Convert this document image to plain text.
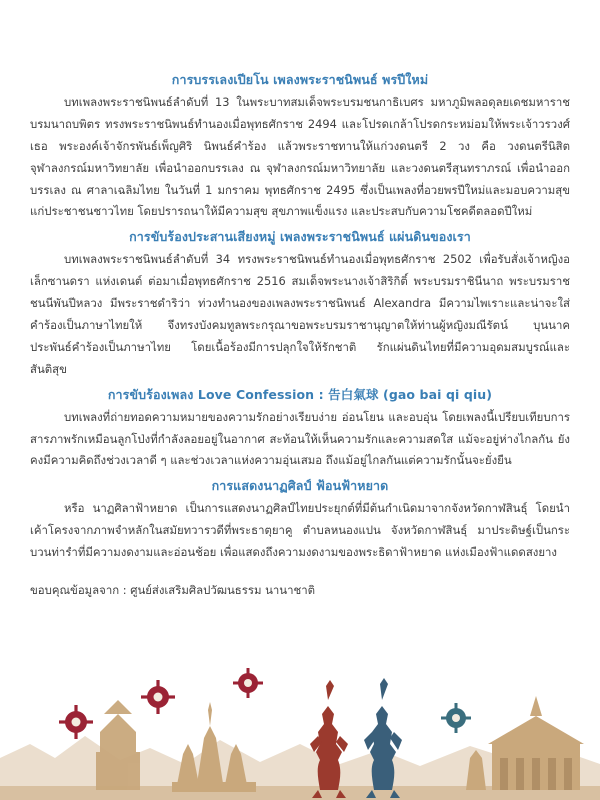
การบรรเลงเปียโน เพลงพระราชนิพนธ์ พรปีใหม่

บทเพลงพระราชนิพนธ์ลำดับที่ 13 ในพระบาทสมเด็จพระบรมชนกาธิเบศร มหาภูมิพลอดุลยเดชมหาราช บรมนาถบพิตร ทรงพระราชนิพนธ์ทำนองเมื่อพุทธศักราช 2494 และโปรดเกล้าโปรดกระหม่อมให้พระเจ้าวรวงศ์เธอ พระองค์เจ้าจักรพันธ์เพ็ญศิริ นิพนธ์คำร้อง แล้วพระราชทานให้แก่วงดนตรี 2 วง คือ วงดนตรีนิสิตจุฬาลงกรณ์มหาวิทยาลัย เพื่อนำออกบรรเลง ณ จุฬาลงกรณ์มหาวิทยาลัย และวงดนตรีสุนทราภรณ์ เพื่อนำออกบรรเลง ณ ศาลาเฉลิมไทย ในวันที่ 1 มกราคม พุทธศักราช 2495 ซึ่งเป็นเพลงที่อวยพรปีใหม่และมอบความสุขแก่ประชาชนชาวไทย โดยปรารถนาให้มีความสุข สุขภาพแข็งแรง และประสบกับความโชคดีตลอดปีใหม่

การขับร้องประสานเสียงหมู่ เพลงพระราชนิพนธ์ แผ่นดินของเรา

บทเพลงพระราชนิพนธ์ลำดับที่ 34 ทรงพระราชนิพนธ์ทำนองเมื่อพุทธศักราช 2502 เพื่อรับสั่งเจ้าหญิงอเล็กซานดรา แห่งเดนต์ ต่อมาเมื่อพุทธศักราช 2516 สมเด็จพระนางเจ้าสิริกิติ์ พระบรมราชินีนาถ พระบรมราชชนนีพันปีหลวง มีพระราชดำริว่า ท่วงทำนองของเพลงพระราชนิพนธ์ Alexandra มีความไพเราะและน่าจะใส่คำร้องเป็นภาษาไทยให้ จึงทรงบังคมทูลพระกรุณาขอพระบรมราชานุญาตให้ท่านผู้หญิงมณีรัตน์ บุนนาค ประพันธ์คำร้องเป็นภาษาไทย โดยเนื้อร้องมีการปลุกใจให้รักชาติ รักแผ่นดินไทยที่มีความอุดมสมบูรณ์และสันติสุข

การขับร้องเพลง Love Confession : 告白氣球 (gao bai qi qiu)

บทเพลงที่ถ่ายทอดความหมายของความรักอย่างเรียบง่าย อ่อนโยน และอบอุ่น โดยเพลงนี้เปรียบเทียบการสารภาพรักเหมือนลูกโป่งที่กำลังลอยอยู่ในอากาศ สะท้อนให้เห็นความรักและความสดใส แม้จะอยู่ห่างไกลกัน ยังคงมีความคิดถึงช่วงเวลาดี ๆ และช่วงเวลาแห่งความอุ่นเสมอ ถึงแม้อยู่ไกลกันแต่ความรักนั้นจะยั่งยืน

การแสดงนาฏศิลป์ ฟ้อนฟ้าหยาด

หรือ นาฏศิลาฟ้าหยาด เป็นการแสดงนาฏศิลป์ไทยประยุกต์ที่มีต้นกำเนิดมาจากจังหวัดกาฬสินธุ์ โดยนำเค้าโครงจากภาพจำหลักในสมัยทวารวดีที่พระธาตุยาคู ตำบลหนองแปน จังหวัดกาฬสินธุ์ มาประดิษฐ์เป็นกระบวนท่ารำที่มีความงดงามและอ่อนช้อย เพื่อแสดงถึงความงดงามของพระธิดาฟ้าหยาด แห่งเมืองฟ้าแดดสงยาง

ขอบคุณข้อมูลจาก : ศูนย์ส่งเสริมศิลปวัฒนธรรม นานาชาติ
